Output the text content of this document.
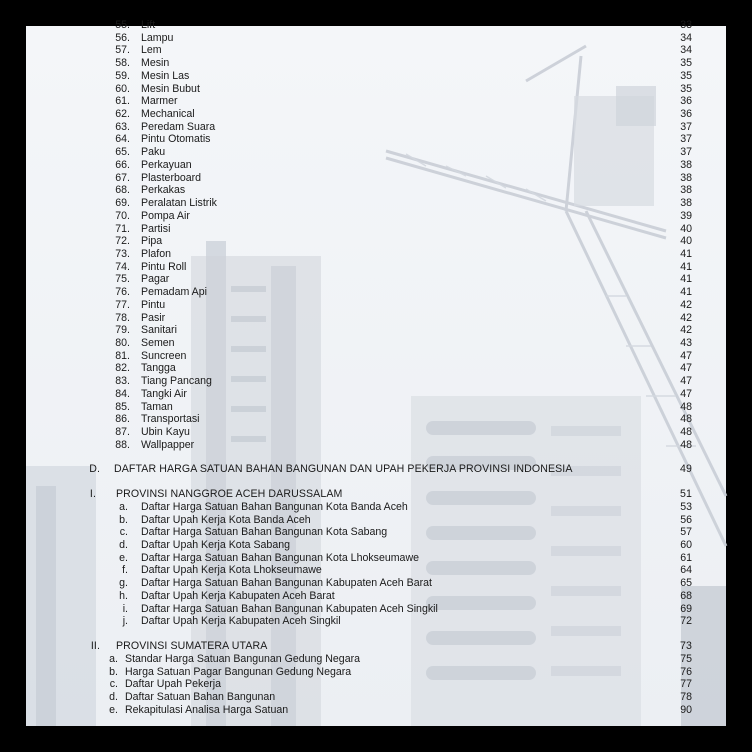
55. Lift	33
56. Lampu	34
57. Lem	34
58. Mesin	35
59. Mesin Las	35
60. Mesin Bubut	35
61. Marmer	36
62. Mechanical	36
63. Peredam Suara	37
64. Pintu Otomatis	37
65. Paku	37
66. Perkayuan	38
67. Plasterboard	38
68. Perkakas	38
69. Peralatan Listrik	38
70. Pompa Air	39
71. Partisi	40
72. Pipa	40
73. Plafon	41
74. Pintu Roll	41
75. Pagar	41
76. Pemadam Api	41
77. Pintu	42
78. Pasir	42
79. Sanitari	42
80. Semen	43
81. Suncreen	47
82. Tangga	47
83. Tiang Pancang	47
84. Tangki Air	47
85. Taman	48
86. Transportasi	48
87. Ubin Kayu	48
88. Wallpapper	48
D. DAFTAR HARGA SATUAN BAHAN BANGUNAN DAN UPAH PEKERJA PROVINSI INDONESIA	49
I. PROVINSI NANGGROE ACEH DARUSSALAM	51
a. Daftar Harga Satuan Bahan Bangunan Kota Banda Aceh	53
b. Daftar Upah Kerja Kota Banda Aceh	56
c. Daftar Harga Satuan Bahan Bangunan Kota Sabang	57
d. Daftar Upah Kerja Kota Sabang	60
e. Daftar Harga Satuan Bahan Bangunan Kota Lhokseumawe	61
f. Daftar Upah Kerja Kota Lhokseumawe	64
g. Daftar Harga Satuan Bahan Bangunan Kabupaten Aceh Barat	65
h. Daftar Upah Kerja Kabupaten Aceh Barat	68
i. Daftar Harga Satuan Bahan Bangunan Kabupaten Aceh Singkil	69
j. Daftar Upah Kerja Kabupaten Aceh Singkil	72
II. PROVINSI SUMATERA UTARA	73
a. Standar Harga Satuan Bangunan Gedung Negara	75
b. Harga Satuan Pagar Bangunan Gedung Negara	76
c. Daftar Upah Pekerja	77
d. Daftar Satuan Bahan Bangunan	78
e. Rekapitulasi Analisa Harga Satuan	90
